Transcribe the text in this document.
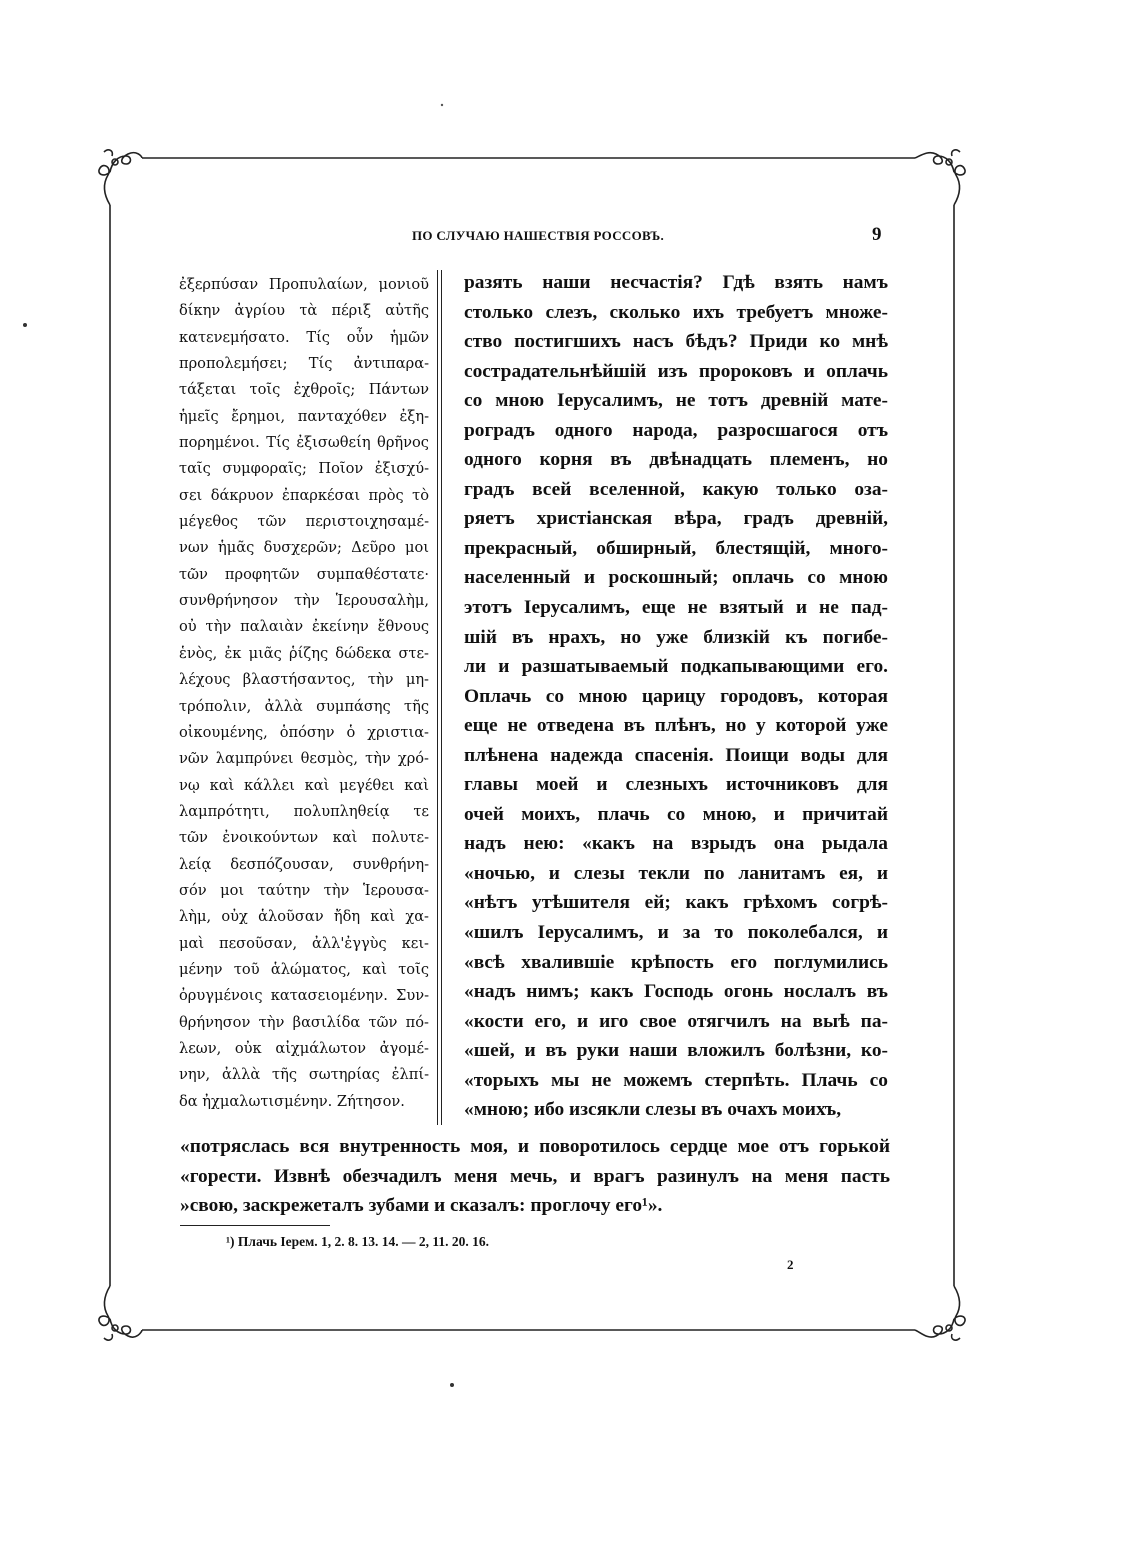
ПО СЛУЧАЮ НАШЕСТВІЯ РОССОВЪ.	9
ἐξερπύσαν Προπυλαίων, μονιοῦ
δίκην ἀγρίου τὰ πέριξ αὐτῆς
κατενεμήσατο. Τίς οὖν ἡμῶν
προπολεμήσει; Τίς ἀντιπαρα-
τάξεται τοῖς ἐχθροῖς; Πάντων
ἡμεῖς ἔρημοι, πανταχόθεν ἐξη-
πορημένοι. Τίς ἐξισωθείη θρῆνος
ταῖς συμφοραῖς; Ποῖον ἐξισχύ-
σει δάκρυον ἐπαρκέσαι πρὸς τὸ
μέγεθος τῶν περιστοιχησαμέ-
νων ἡμᾶς δυσχερῶν; Δεῦρο μοι
τῶν προφητῶν συμπαθέστατε·
συνθρήνησον τὴν Ἱερουσαλὴμ,
οὐ τὴν παλαιὰν ἐκείνην ἔθνους
ἑνὸς, ἐκ μιᾶς ῥίζης δώδεκα στε-
λέχους βλαστήσαντος, τὴν μη-
τρόπολιν, ἀλλὰ συμπάσης τῆς
οἰκουμένης, ὁπόσην ὁ χριστια-
νῶν λαμπρύνει θεσμὸς, τὴν χρό-
νῳ καὶ κάλλει καὶ μεγέθει καὶ
λαμπρότητι, πολυπληθείᾳ τε
τῶν ἐνοικούντων καὶ πολυτε-
λείᾳ δεσπόζουσαν, συνθρήνη-
σόν μοι ταύτην τὴν Ἱερουσα-
λὴμ, οὐχ ἁλοῦσαν ἤδη καὶ χα-
μαὶ πεσοῦσαν, ἀλλ'ἐγγὺς κει-
μένην τοῦ ἁλώματος, καὶ τοῖς
ὀρυγμένοις κατασειομένην. Συν-
θρήνησον τὴν βασιλίδα τῶν πό-
λεων, οὐκ αἰχμάλωτον ἀγομέ-
νην, ἀλλὰ τῆς σωτηρίας ἐλπί-
δα ἠχμαλωτισμένην. Ζήτησον.
разять наши несчастія? Гдѣ взять намъ
столько слезъ, сколько ихъ требуетъ множе-
ство постигшихъ насъ бѣдъ? Приди ко мнѣ
сострадательнѣйшій изъ пророковъ и оплачь
со мною Іерусалимъ, не тотъ древній мате-
роградъ одного народа, разросшагося отъ
одного корня въ двѣнадцать племенъ, но
градъ всей вселенной, какую только оза-
ряетъ христіанская вѣра, градъ древній,
прекрасный, обширный, блестящій, много-
населенный и роскошный; оплачь со мною
этотъ Іерусалимъ, еще не взятый и не пад-
шій въ нрахъ, но уже близкій къ погибе-
ли и разшатываемый подкапывающими его.
Оплачь со мною царицу городовъ, которая
еще не отведена въ плѣнъ, но у которой уже
плѣнена надежда спасенія. Поищи воды для
главы моей и слезныхъ источниковъ для
очей моихъ, плачь со мною, и причитай
надъ нею: «какъ на взрыдъ она рыдала
«ночью, и слезы текли по ланитамъ ея, и
«нѣтъ утѣшителя ей; какъ грѣхомъ согрѣ-
«шилъ Іерусалимъ, и за то поколебался, и
«всѣ хвалившіе крѣпость его поглумились
«надъ нимъ; какъ Господь огонь нослалъ въ
«кости его, и иго свое отягчилъ на выѣ па-
«шей, и въ руки наши вложилъ болѣзни, ко-
«торыхъ мы не можемъ стерпѣть. Плачь со
«мною; ибо изсякли слезы въ очахъ моихъ,
«потряслась вся внутренность моя, и поворотилось сердце мое отъ горькой
«горести. Извнѣ обезчадилъ меня мечь, и врагъ разинулъ на меня пасть
»свою, заскрежеталъ зубами и сказалъ: проглочу его¹».
¹) Плачь Іерем. 1, 2. 8. 13. 14. — 2, 11. 20. 16.
2
